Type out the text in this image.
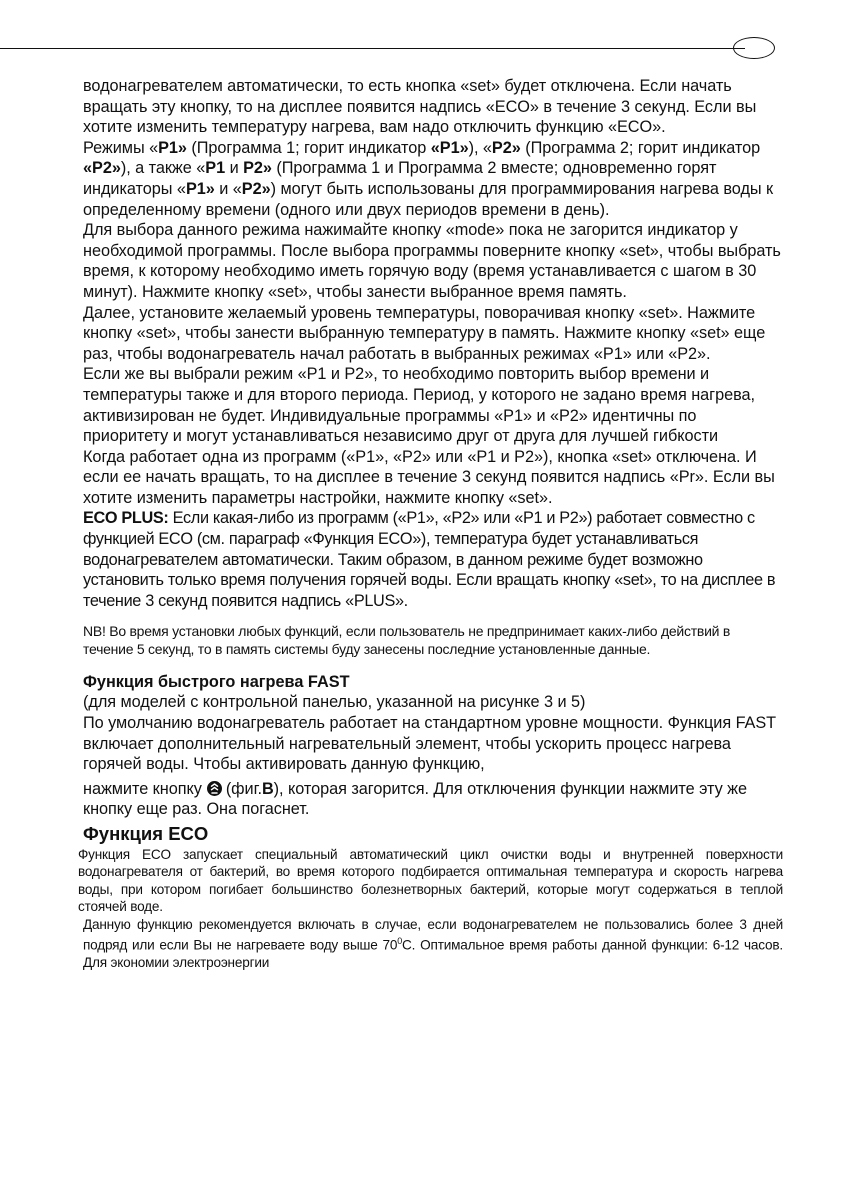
водонагревателем автоматически, то есть кнопка «set» будет отключена. Если начать вращать эту кнопку, то на дисплее появится надпись «ECO» в течение 3 секунд. Если вы хотите изменить температуру нагрева, вам надо отключить функцию «ECO».

Режимы «P1» (Программа 1; горит индикатор «P1»), «P2» (Программа 2; горит индикатор «P2»), а также «P1 и P2» (Программа 1 и Программа 2 вместе; одновременно горят индикаторы «P1» и «P2») могут быть использованы для программирования нагрева воды к определенному времени (одного или двух периодов времени в день).

Для выбора данного режима нажимайте кнопку «mode» пока не загорится индикатор у необходимой программы. После выбора программы поверните кнопку «set», чтобы выбрать время, к которому необходимо иметь горячую воду (время устанавливается с шагом в 30 минут). Нажмите кнопку «set», чтобы занести выбранное время память.

Далее, установите желаемый уровень температуры, поворачивая кнопку «set». Нажмите кнопку «set», чтобы занести выбранную температуру в память. Нажмите кнопку «set» еще раз, чтобы водонагреватель начал работать в выбранных режимах «P1» или «P2».

Если же вы выбрали режим «P1 и P2», то необходимо повторить выбор времени и температуры также и для второго периода. Период, у которого не задано время нагрева, активизирован не будет. Индивидуальные программы «P1» и «P2» идентичны по приоритету и могут устанавливаться независимо друг от друга для лучшей гибкости

Когда работает одна из программ («P1», «P2» или «P1 и P2»), кнопка «set» отключена. И если ее начать вращать, то на дисплее в течение 3 секунд появится надпись «Pr». Если вы хотите изменить параметры настройки, нажмите кнопку «set».

ECO PLUS: Если какая-либо из программ («P1», «P2» или «P1 и P2») работает совместно с функцией ECO (см. параграф «Функция ECO»), температура будет устанавливаться водонагревателем автоматически. Таким образом, в данном режиме будет возможно установить только время получения горячей воды. Если вращать кнопку «set», то на дисплее в течение 3 секунд появится надпись «PLUS».

NB! Во время установки любых функций, если пользователь не предпринимает каких-либо действий в течение 5 секунд, то в память системы буду занесены последние установленные данные.

Функция быстрого нагрева FAST

(для моделей с контрольной панелью, указанной на рисунке 3 и 5)

По умолчанию водонагреватель работает на стандартном уровне мощности. Функция FAST включает дополнительный нагревательный элемент, чтобы ускорить процесс нагрева горячей воды. Чтобы активировать данную функцию,

нажмите кнопку (фиг.B), которая загорится. Для отключения функции нажмите эту же кнопку еще раз. Она погаснет.

Функция ECO

Функция ECO запускает специальный автоматический цикл очистки воды и внутренней поверхности водонагревателя от бактерий, во время которого подбирается оптимальная температура и скорость нагрева воды, при котором погибает большинство болезнетворных бактерий, которые могут содержаться в теплой стоячей воде.

Данную функцию рекомендуется включать в случае, если водонагревателем не пользовались более 3 дней подряд или если Вы не нагреваете воду выше $70^0C$. Оптимальное время работы данной функции: 6-12 часов. Для экономии электроэнергии
